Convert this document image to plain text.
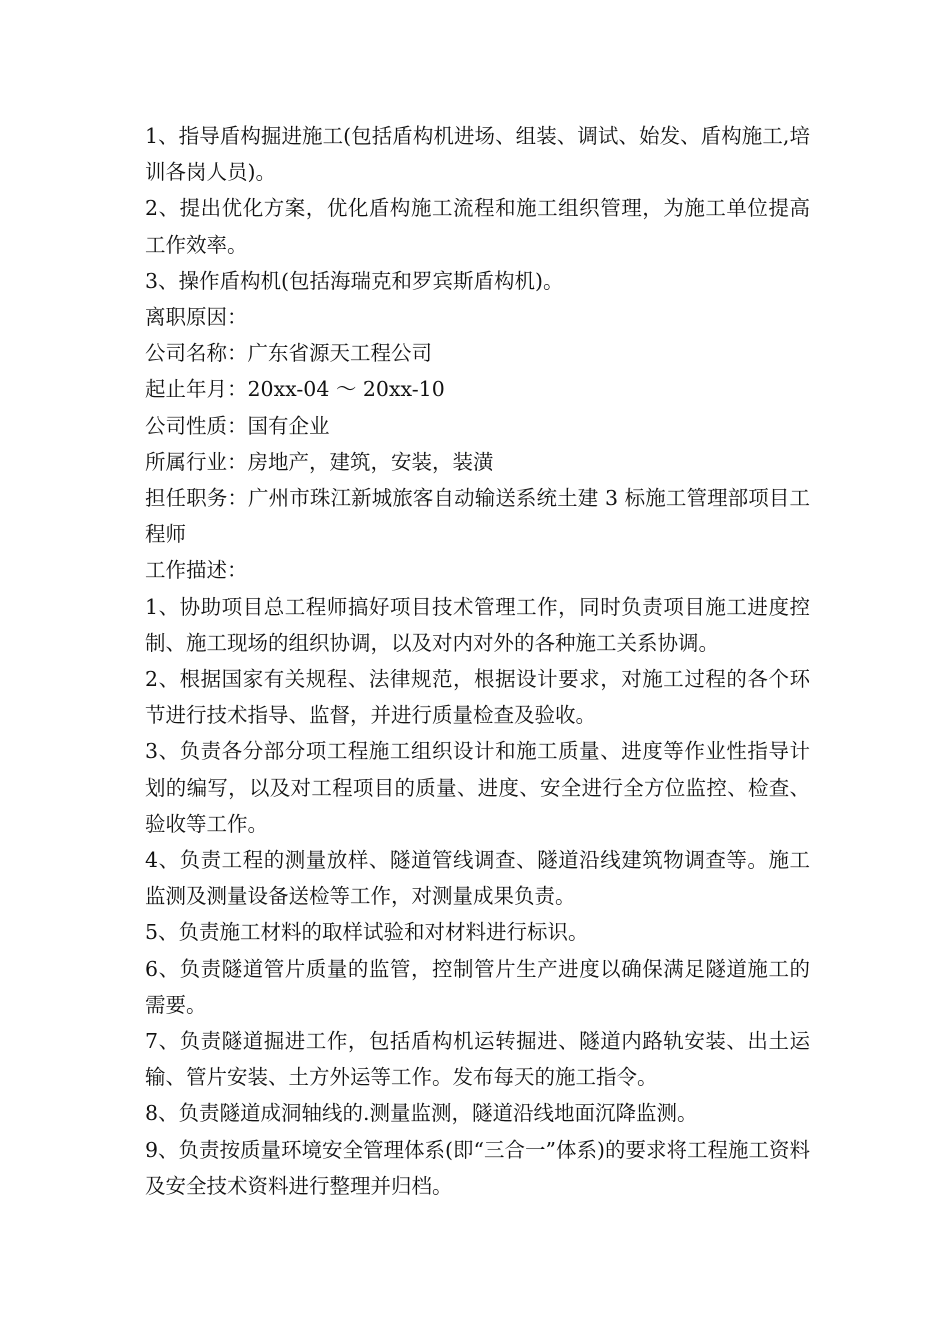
1、指导盾构掘进施工(包括盾构机进场、组装、调试、始发、盾构施工,培训各岗人员)。

2、提出优化方案，优化盾构施工流程和施工组织管理，为施工单位提高工作效率。

3、操作盾构机(包括海瑞克和罗宾斯盾构机)。

离职原因：

公司名称：广东省源天工程公司

起止年月：20xx-04 ～ 20xx-10

公司性质：国有企业

所属行业：房地产，建筑，安装，装潢

担任职务：广州市珠江新城旅客自动输送系统土建 3 标施工管理部项目工程师

工作描述：

1、协助项目总工程师搞好项目技术管理工作，同时负责项目施工进度控制、施工现场的组织协调，以及对内对外的各种施工关系协调。

2、根据国家有关规程、法律规范，根据设计要求，对施工过程的各个环节进行技术指导、监督，并进行质量检查及验收。

3、负责各分部分项工程施工组织设计和施工质量、进度等作业性指导计划的编写，以及对工程项目的质量、进度、安全进行全方位监控、检查、验收等工作。

4、负责工程的测量放样、隧道管线调查、隧道沿线建筑物调查等。施工监测及测量设备送检等工作，对测量成果负责。

5、负责施工材料的取样试验和对材料进行标识。

6、负责隧道管片质量的监管，控制管片生产进度以确保满足隧道施工的需要。

7、负责隧道掘进工作，包括盾构机运转掘进、隧道内路轨安装、出土运输、管片安装、土方外运等工作。发布每天的施工指令。

8、负责隧道成洞轴线的.测量监测，隧道沿线地面沉降监测。

9、负责按质量环境安全管理体系(即“三合一”体系)的要求将工程施工资料及安全技术资料进行整理并归档。
